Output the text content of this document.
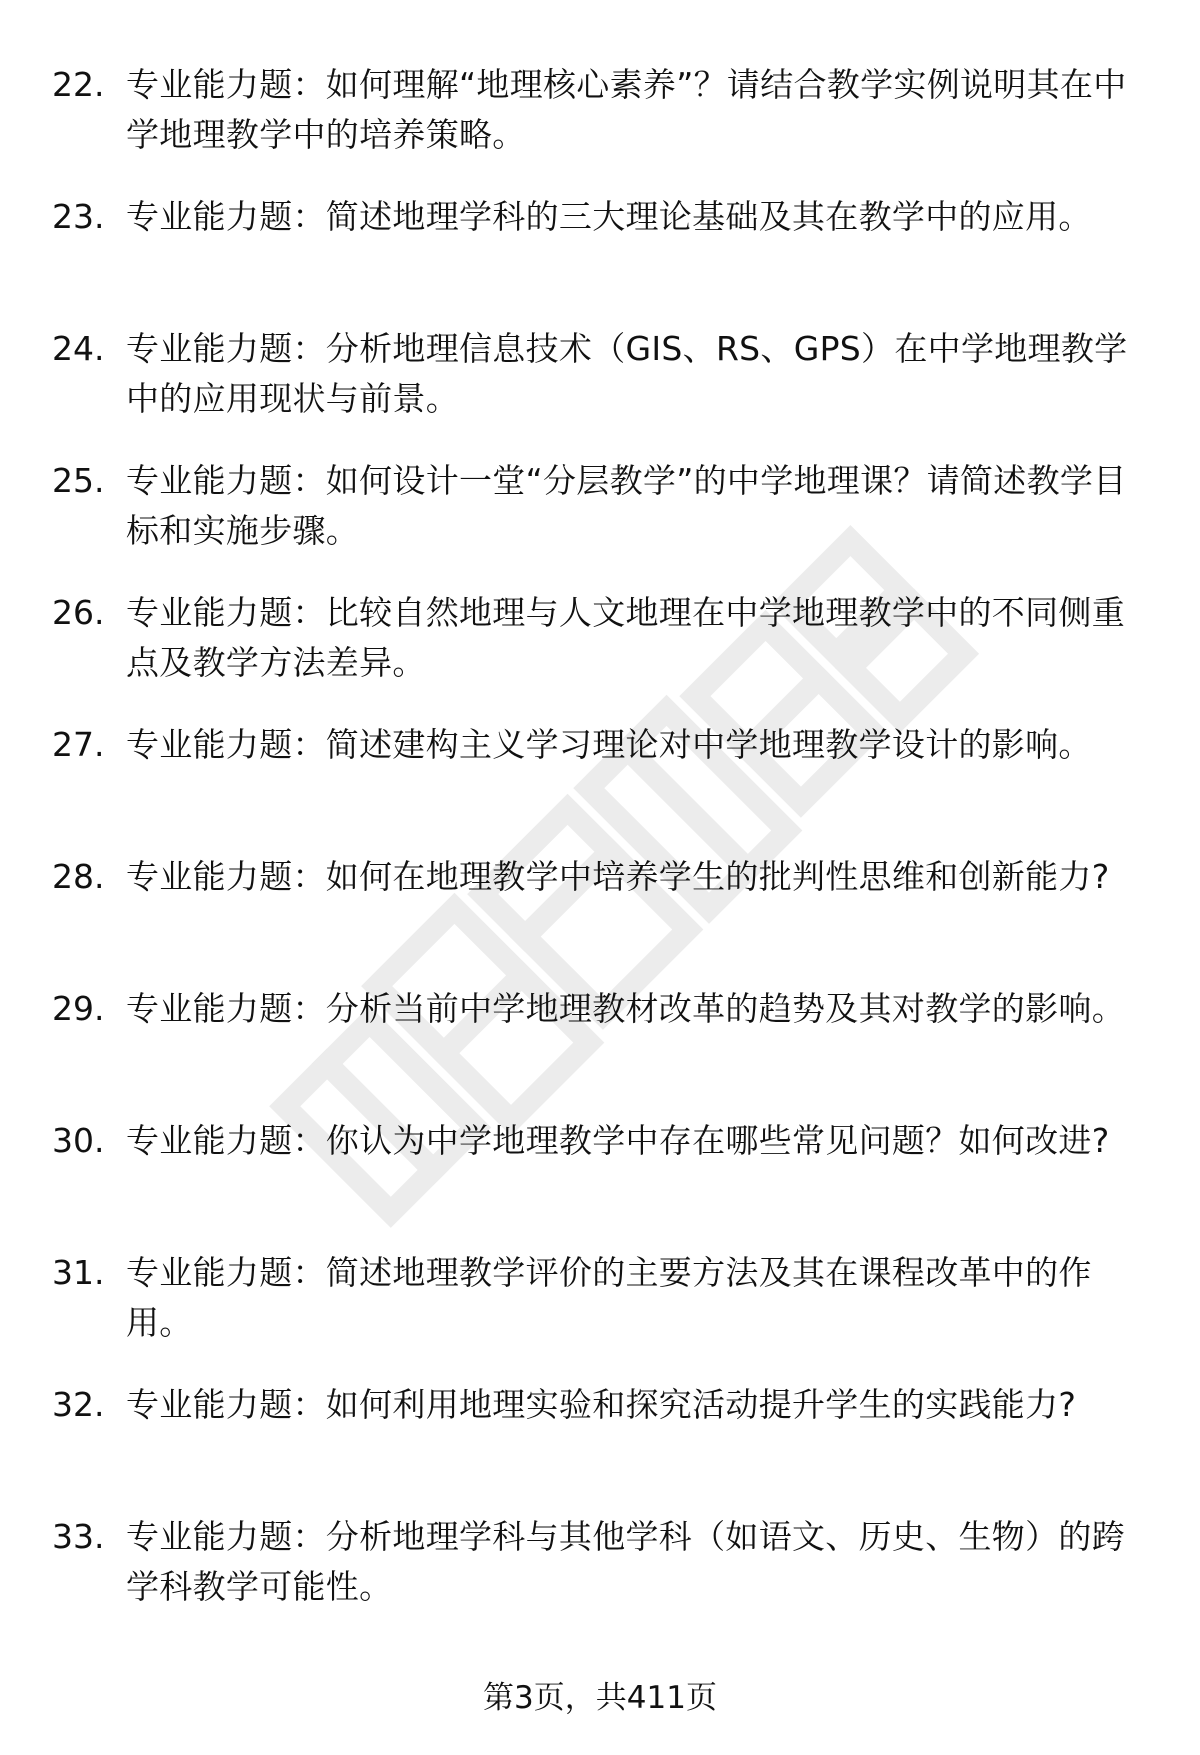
22. 专业能力题：如何理解“地理核心素养”？请结合教学实例说明其在中学地理教学中的培养策略。
23. 专业能力题：简述地理学科的三大理论基础及其在教学中的应用。
24. 专业能力题：分析地理信息技术（GIS、RS、GPS）在中学地理教学中的应用现状与前景。
25. 专业能力题：如何设计一堂“分层教学”的中学地理课？请简述教学目标和实施步骤。
26. 专业能力题：比较自然地理与人文地理在中学地理教学中的不同侧重点及教学方法差异。
27. 专业能力题：简述建构主义学习理论对中学地理教学设计的影响。
28. 专业能力题：如何在地理教学中培养学生的批判性思维和创新能力?
29. 专业能力题：分析当前中学地理教材改革的趋势及其对教学的影响。
30. 专业能力题：你认为中学地理教学中存在哪些常见问题？如何改进?
31. 专业能力题：简述地理教学评价的主要方法及其在课程改革中的作用。
32. 专业能力题：如何利用地理实验和探究活动提升学生的实践能力?
33. 专业能力题：分析地理学科与其他学科（如语文、历史、生物）的跨学科教学可能性。
第3页，共411页
